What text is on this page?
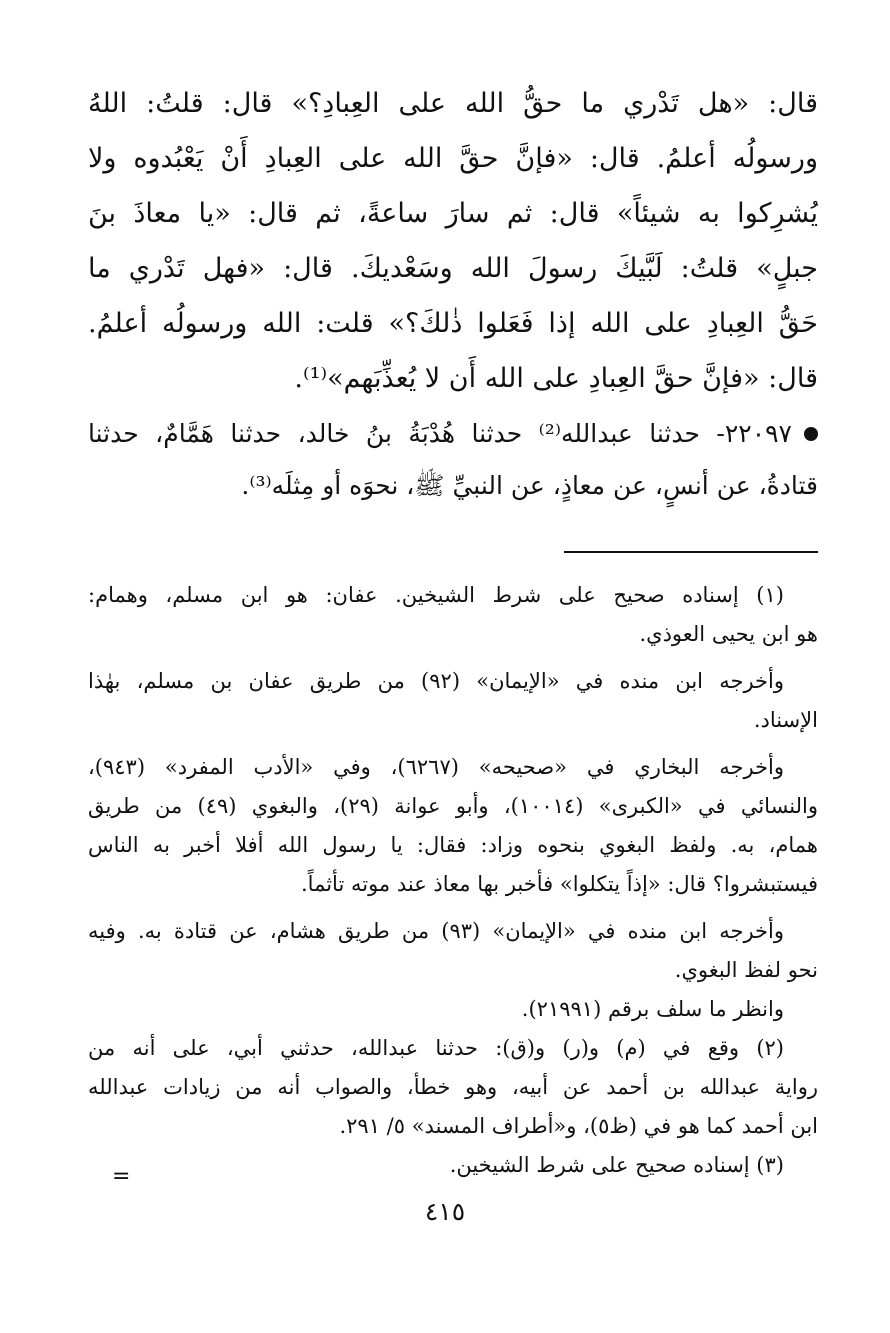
قال: «هل تَدْري ما حقُّ الله على العِبادِ؟» قال: قلتُ: اللهُ
ورسولُه أعلمُ. قال: «فإنَّ حقَّ الله على العِبادِ أَنْ يَعْبُدوه ولا
يُشرِكوا به شيئاً» قال: ثم سارَ ساعةً، ثم قال: «يا معاذَ بنَ
جبلٍ» قلتُ: لَبَّيكَ رسولَ الله وسَعْديكَ. قال: «فهل تَدْري ما
حَقُّ العِبادِ على الله إذا فَعَلوا ذٰلكَ؟» قلت: الله ورسولُه أعلمُ.
قال: «فإنَّ حقَّ العِبادِ على الله أَن لا يُعذِّبَهم»⁽¹⁾.
٢٢٠٩٧- حدثنا عبدالله⁽²⁾ حدثنا هُدْبَةُ بنُ خالد، حدثنا هَمَّامٌ، حدثنا
قتادةُ، عن أنسٍ، عن معاذٍ، عن النبيِّ ﷺ، نحوَه أو مِثلَه⁽³⁾.
(١) إسناده صحيح على شرط الشيخين. عفان: هو ابن مسلم، وهمام:
هو ابن يحيى العوذي.
وأخرجه ابن منده في «الإيمان» (٩٢) من طريق عفان بن مسلم، بهٰذا
الإسناد.
وأخرجه البخاري في «صحيحه» (٦٢٦٧)، وفي «الأدب المفرد» (٩٤٣)،
والنسائي في «الكبرى» (١٠٠١٤)، وأبو عوانة (٢٩)، والبغوي (٤٩) من طريق
همام، به. ولفظ البغوي بنحوه وزاد: فقال: يا رسول الله أفلا أخبر به الناس
فيستبشروا؟ قال: «إذاً يتكلوا» فأخبر بها معاذ عند موته تأثماً.
وأخرجه ابن منده في «الإيمان» (٩٣) من طريق هشام، عن قتادة به. وفيه
نحو لفظ البغوي.
وانظر ما سلف برقم (٢١٩٩١).
(٢) وقع في (م) و(ر) و(ق): حدثنا عبدالله، حدثني أبي، على أنه من
رواية عبدالله بن أحمد عن أبيه، وهو خطأ، والصواب أنه من زيادات عبدالله
ابن أحمد كما هو في (ظ٥)، و«أطراف المسند» ٥/ ٢٩١.
(٣) إسناده صحيح على شرط الشيخين.
=
٤١٥
